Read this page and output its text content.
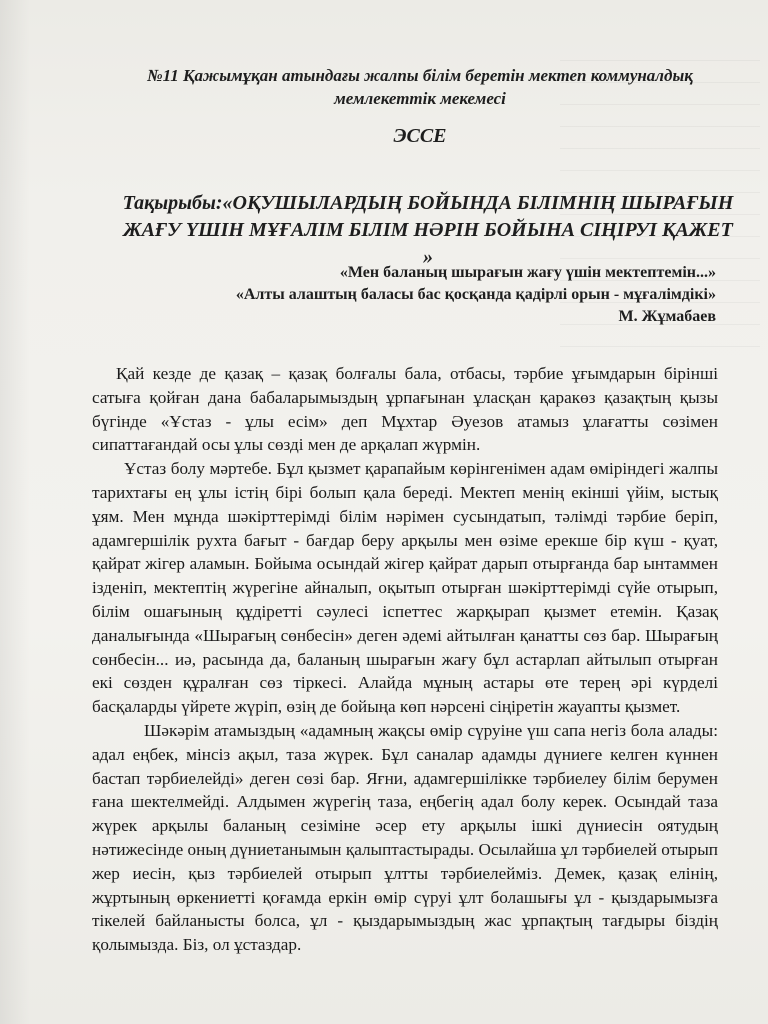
№11 Қажымұқан атындағы жалпы білім беретін мектеп коммуналдық
мемлекеттік мекемесі
ЭССЕ
Тақырыбы:«ОҚУШЫЛАРДЫҢ БОЙЫНДА БІЛІМНІҢ ШЫРАҒЫН
ЖАҒУ ҮШІН МҰҒАЛІМ БІЛІМ НӘРІН БОЙЫНА СІҢІРУІ ҚАЖЕТ »
«Мен баланың шырағын жағу үшін мектептемін...»
«Алты алаштың баласы бас қосқанда қадірлі орын - мұғалімдікі»
М. Жұмабаев

Қай кезде де қазақ – қазақ болғалы бала, отбасы, тәрбие ұғымдарын бірінші сатыға қойған дана бабаларымыздың ұрпағынан ұласқан қаракөз қазақтың қызы бүгінде «Ұстаз - ұлы есім» деп Мұхтар Әуезов атамыз ұлағатты сөзімен сипаттағандай осы ұлы сөзді мен де арқалап жүрмін.

Ұстаз болу мәртебе. Бұл қызмет қарапайым көрінгенімен адам өміріндегі жалпы тарихтағы ең ұлы істің бірі болып қала береді. Мектеп менің екінші үйім, ыстық ұям. Мен мұнда шәкірттерімді білім нәрімен сусындатып, тәлімді тәрбие беріп, адамгершілік рухта бағыт - бағдар беру арқылы мен өзіме ерекше бір күш - қуат, қайрат жігер аламын. Бойыма осындай жігер қайрат дарып отырғанда бар ынтаммен ізденіп, мектептің жүрегіне айналып, оқытып отырған шәкірттерімді сүйе отырып, білім ошағының құдіретті сәулесі іспеттес жарқырап қызмет етемін. Қазақ даналығында «Шырағың сөнбесін» деген әдемі айтылған қанатты сөз бар. Шырағың сөнбесін... иә, расында да, баланың шырағын жағу бұл астарлап айтылып отырған екі сөзден құралған сөз тіркесі. Алайда мұның астары өте терең әрі күрделі басқаларды үйрете жүріп, өзің де бойыңа көп нәрсені сіңіретін жауапты қызмет.

Шәкәрім атамыздың «адамның жақсы өмір сүруіне үш сапа негіз бола алады: адал еңбек, мінсіз ақыл, таза жүрек. Бұл саналар адамды дүниеге келген күннен бастап тәрбиелейді» деген сөзі бар. Яғни, адамгершілікке тәрбиелеу білім берумен ғана шектелмейді. Алдымен жүрегің таза, еңбегің адал болу керек. Осындай таза жүрек арқылы баланың сезіміне әсер ету арқылы ішкі дүниесін оятудың нәтижесінде оның дүниетанымын қалыптастырады. Осылайша ұл тәрбиелей отырып жер иесін, қыз тәрбиелей отырып ұлтты тәрбиелейміз. Демек, қазақ елінің, жұртының өркениетті қоғамда еркін өмір сүруі ұлт болашығы ұл - қыздарымызға тікелей байланысты болса, ұл - қыздарымыздың жас ұрпақтың тағдыры біздің қолымызда. Біз, ол ұстаздар.
